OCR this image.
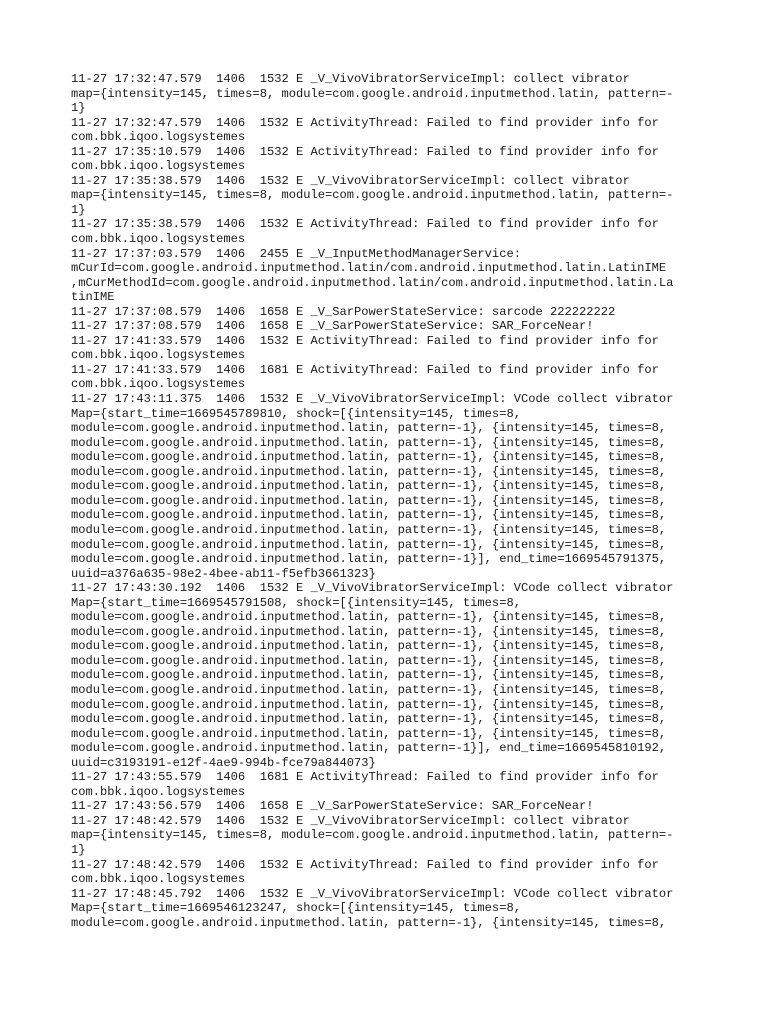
11-27 17:32:47.579  1406  1532 E _V_VivoVibratorServiceImpl: collect vibrator
map={intensity=145, times=8, module=com.google.android.inputmethod.latin, pattern=-
1}
11-27 17:32:47.579  1406  1532 E ActivityThread: Failed to find provider info for
com.bbk.iqoo.logsystemes
11-27 17:35:10.579  1406  1532 E ActivityThread: Failed to find provider info for
com.bbk.iqoo.logsystemes
11-27 17:35:38.579  1406  1532 E _V_VivoVibratorServiceImpl: collect vibrator
map={intensity=145, times=8, module=com.google.android.inputmethod.latin, pattern=-
1}
11-27 17:35:38.579  1406  1532 E ActivityThread: Failed to find provider info for
com.bbk.iqoo.logsystemes
11-27 17:37:03.579  1406  2455 E _V_InputMethodManagerService:
mCurId=com.google.android.inputmethod.latin/com.android.inputmethod.latin.LatinIME
,mCurMethodId=com.google.android.inputmethod.latin/com.android.inputmethod.latin.La
tinIME
11-27 17:37:08.579  1406  1658 E _V_SarPowerStateService: sarcode 222222222
11-27 17:37:08.579  1406  1658 E _V_SarPowerStateService: SAR_ForceNear!
11-27 17:41:33.579  1406  1532 E ActivityThread: Failed to find provider info for
com.bbk.iqoo.logsystemes
11-27 17:41:33.579  1406  1681 E ActivityThread: Failed to find provider info for
com.bbk.iqoo.logsystemes
11-27 17:43:11.375  1406  1532 E _V_VivoVibratorServiceImpl: VCode collect vibrator
Map={start_time=1669545789810, shock=[{intensity=145, times=8,
module=com.google.android.inputmethod.latin, pattern=-1}, {intensity=145, times=8,
module=com.google.android.inputmethod.latin, pattern=-1}, {intensity=145, times=8,
module=com.google.android.inputmethod.latin, pattern=-1}, {intensity=145, times=8,
module=com.google.android.inputmethod.latin, pattern=-1}, {intensity=145, times=8,
module=com.google.android.inputmethod.latin, pattern=-1}, {intensity=145, times=8,
module=com.google.android.inputmethod.latin, pattern=-1}, {intensity=145, times=8,
module=com.google.android.inputmethod.latin, pattern=-1}, {intensity=145, times=8,
module=com.google.android.inputmethod.latin, pattern=-1}, {intensity=145, times=8,
module=com.google.android.inputmethod.latin, pattern=-1}, {intensity=145, times=8,
module=com.google.android.inputmethod.latin, pattern=-1}], end_time=1669545791375,
uuid=a376a635-98e2-4bee-ab11-f5efb3661323}
11-27 17:43:30.192  1406  1532 E _V_VivoVibratorServiceImpl: VCode collect vibrator
Map={start_time=1669545791508, shock=[{intensity=145, times=8,
module=com.google.android.inputmethod.latin, pattern=-1}, {intensity=145, times=8,
module=com.google.android.inputmethod.latin, pattern=-1}, {intensity=145, times=8,
module=com.google.android.inputmethod.latin, pattern=-1}, {intensity=145, times=8,
module=com.google.android.inputmethod.latin, pattern=-1}, {intensity=145, times=8,
module=com.google.android.inputmethod.latin, pattern=-1}, {intensity=145, times=8,
module=com.google.android.inputmethod.latin, pattern=-1}, {intensity=145, times=8,
module=com.google.android.inputmethod.latin, pattern=-1}, {intensity=145, times=8,
module=com.google.android.inputmethod.latin, pattern=-1}, {intensity=145, times=8,
module=com.google.android.inputmethod.latin, pattern=-1}, {intensity=145, times=8,
module=com.google.android.inputmethod.latin, pattern=-1}], end_time=1669545810192,
uuid=c3193191-e12f-4ae9-994b-fce79a844073}
11-27 17:43:55.579  1406  1681 E ActivityThread: Failed to find provider info for
com.bbk.iqoo.logsystemes
11-27 17:43:56.579  1406  1658 E _V_SarPowerStateService: SAR_ForceNear!
11-27 17:48:42.579  1406  1532 E _V_VivoVibratorServiceImpl: collect vibrator
map={intensity=145, times=8, module=com.google.android.inputmethod.latin, pattern=-
1}
11-27 17:48:42.579  1406  1532 E ActivityThread: Failed to find provider info for
com.bbk.iqoo.logsystemes
11-27 17:48:45.792  1406  1532 E _V_VivoVibratorServiceImpl: VCode collect vibrator
Map={start_time=1669546123247, shock=[{intensity=145, times=8,
module=com.google.android.inputmethod.latin, pattern=-1}, {intensity=145, times=8,
